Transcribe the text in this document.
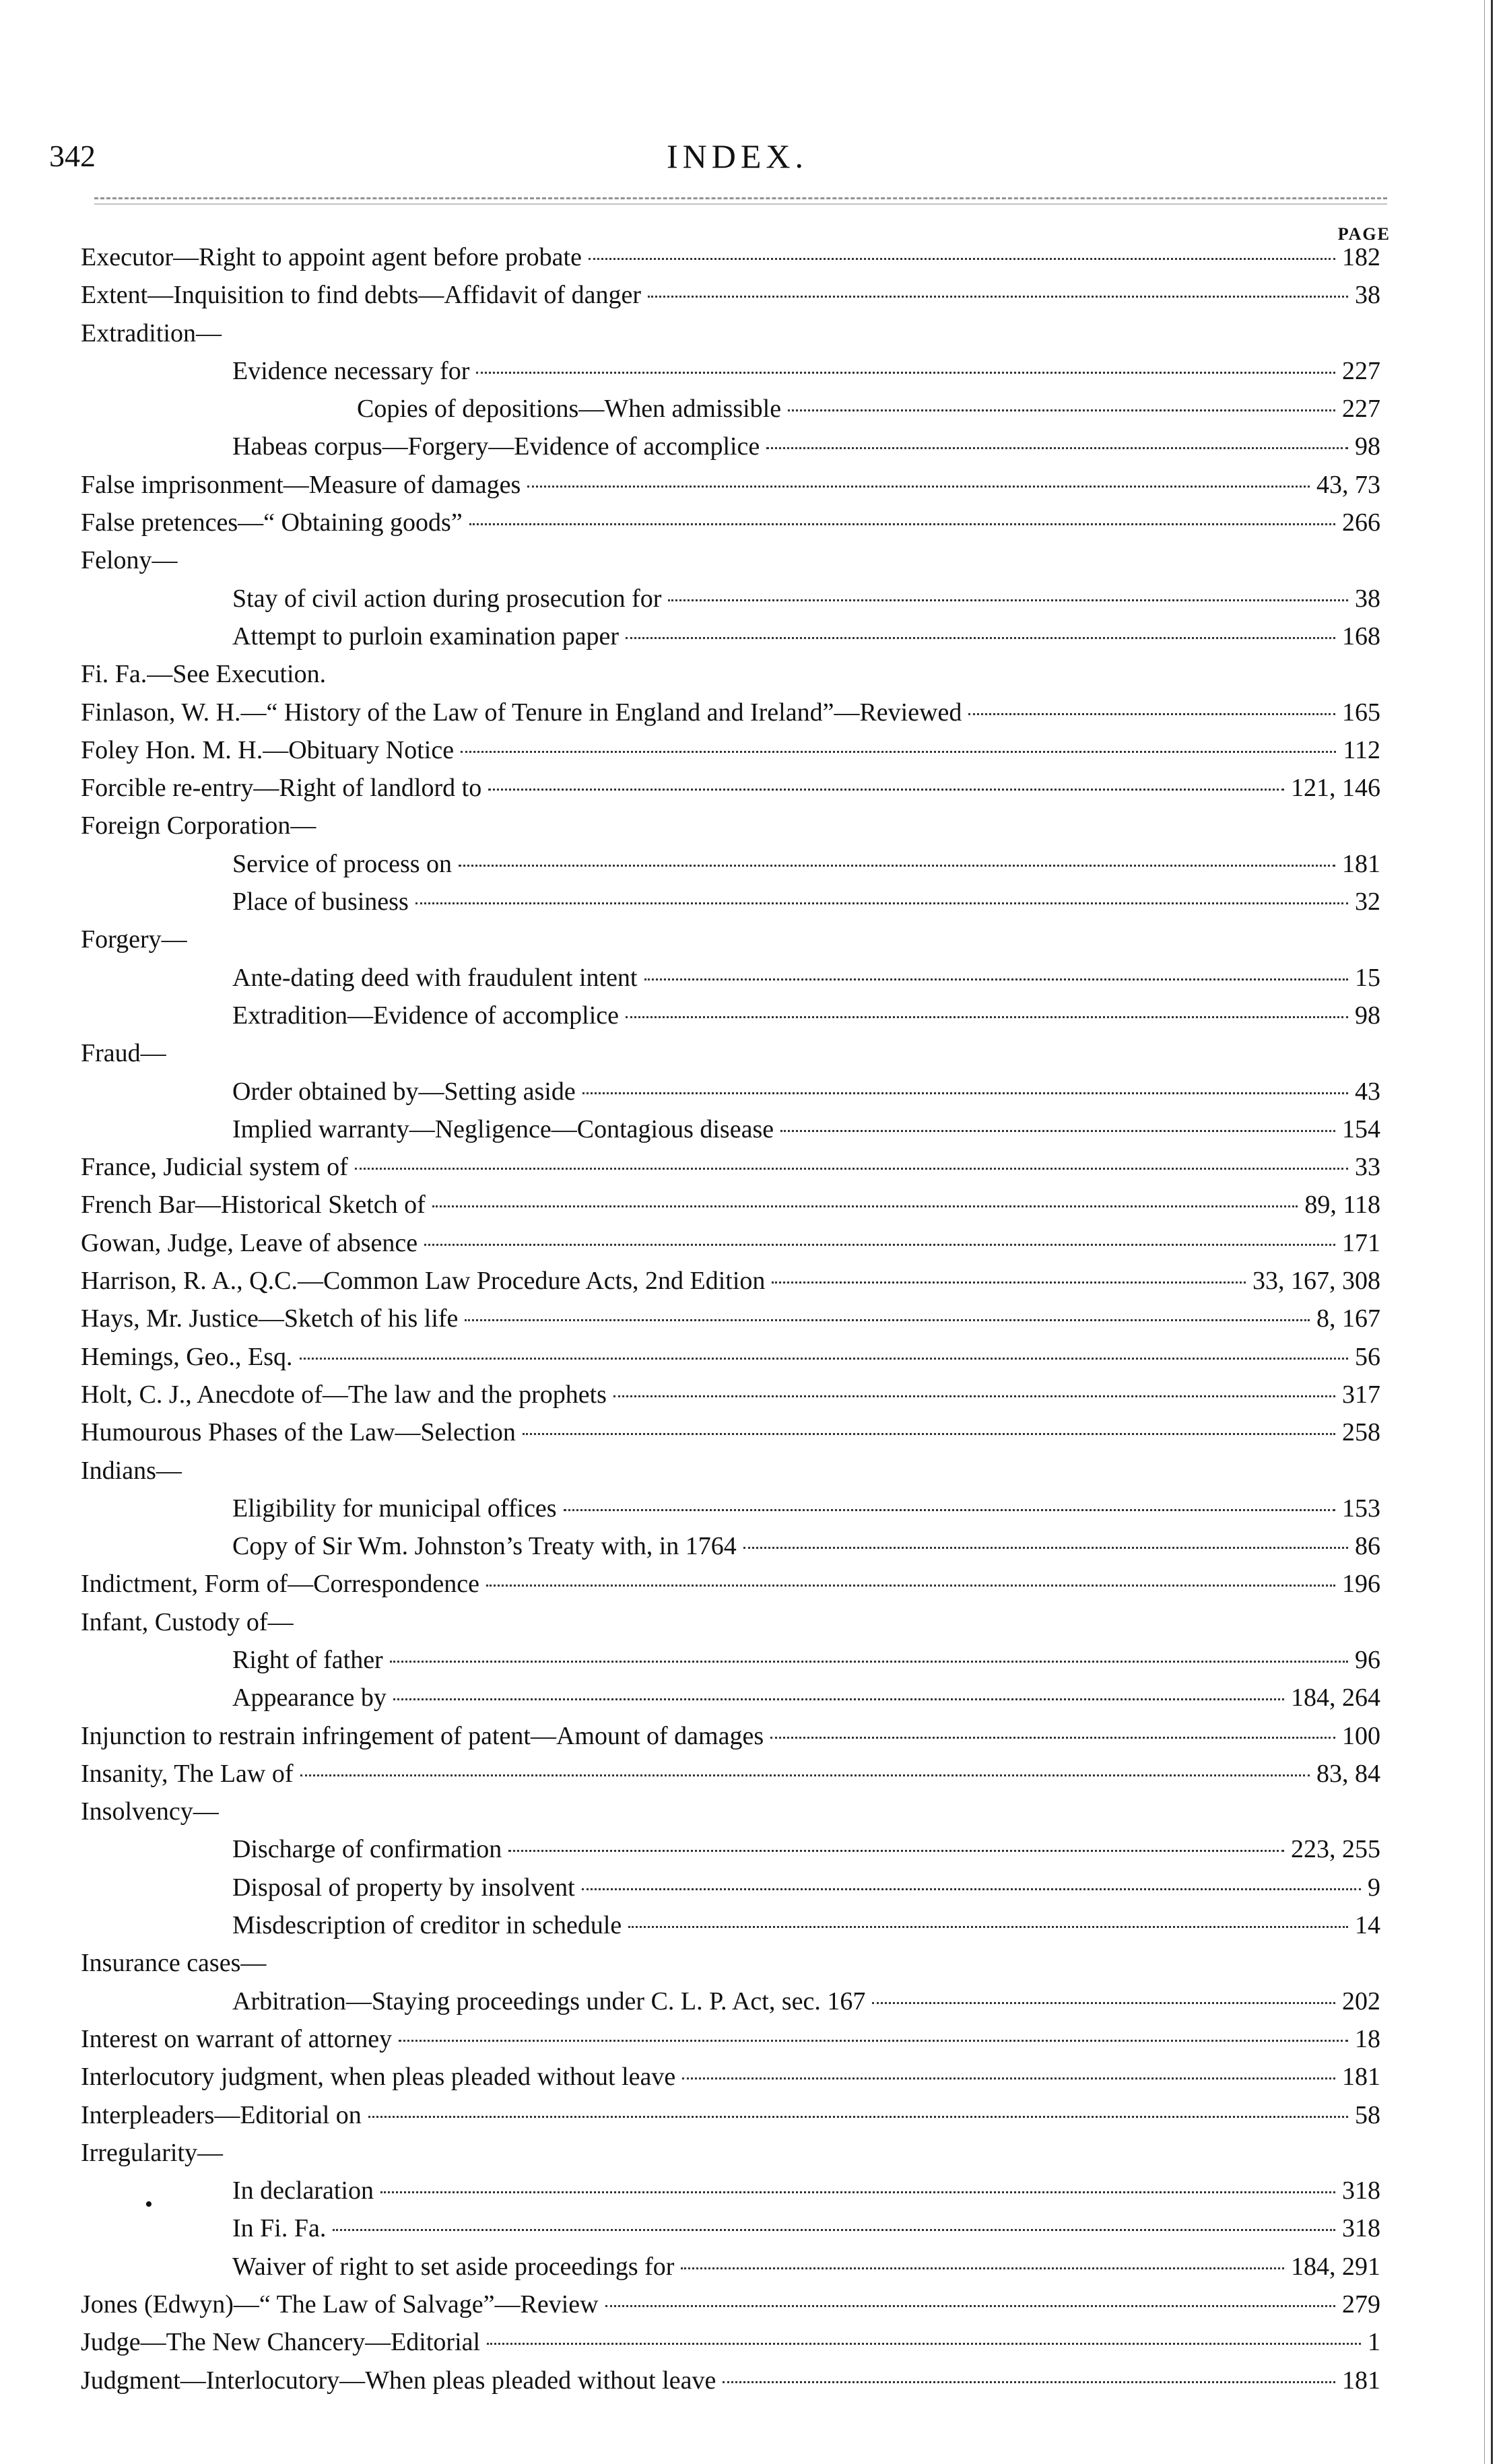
342	INDEX.
PAGE
Executor—Right to appoint agent before probate	182
Extent—Inquisition to find debts—Affidavit of danger	38
Extradition—
Evidence necessary for	227
Copies of depositions—When admissible	227
Habeas corpus—Forgery—Evidence of accomplice	98
False imprisonment—Measure of damages	43, 73
False pretences—“ Obtaining goods”	266
Felony—
Stay of civil action during prosecution for	38
Attempt to purloin examination paper	168
Fi. Fa.—See Execution.
Finlason, W. H.—“ History of the Law of Tenure in England and Ireland”—Reviewed	165
Foley Hon. M. H.—Obituary Notice	112
Forcible re-entry—Right of landlord to	121, 146
Foreign Corporation—
Service of process on	181
Place of business	32
Forgery—
Ante-dating deed with fraudulent intent	15
Extradition—Evidence of accomplice	98
Fraud—
Order obtained by—Setting aside	43
Implied warranty—Negligence—Contagious disease	154
France, Judicial system of	33
French Bar—Historical Sketch of	89, 118
Gowan, Judge, Leave of absence	171
Harrison, R. A., Q.C.—Common Law Procedure Acts, 2nd Edition	33, 167, 308
Hays, Mr. Justice—Sketch of his life	8, 167
Hemings, Geo., Esq.	56
Holt, C. J., Anecdote of—The law and the prophets	317
Humourous Phases of the Law—Selection	258
Indians—
Eligibility for municipal offices	153
Copy of Sir Wm. Johnston’s Treaty with, in 1764	86
Indictment, Form of—Correspondence	196
Infant, Custody of—
Right of father	96
Appearance by	184, 264
Injunction to restrain infringement of patent—Amount of damages	100
Insanity, The Law of	83, 84
Insolvency—
Discharge of confirmation	223, 255
Disposal of property by insolvent	9
Misdescription of creditor in schedule	14
Insurance cases—
Arbitration—Staying proceedings under C. L. P. Act, sec. 167	202
Interest on warrant of attorney	18
Interlocutory judgment, when pleas pleaded without leave	181
Interpleaders—Editorial on	58
Irregularity—
In declaration	318
In Fi. Fa.	318
Waiver of right to set aside proceedings for	184, 291
Jones (Edwyn)—“ The Law of Salvage”—Review	279
Judge—The New Chancery—Editorial	1
Judgment—Interlocutory—When pleas pleaded without leave	181
•
